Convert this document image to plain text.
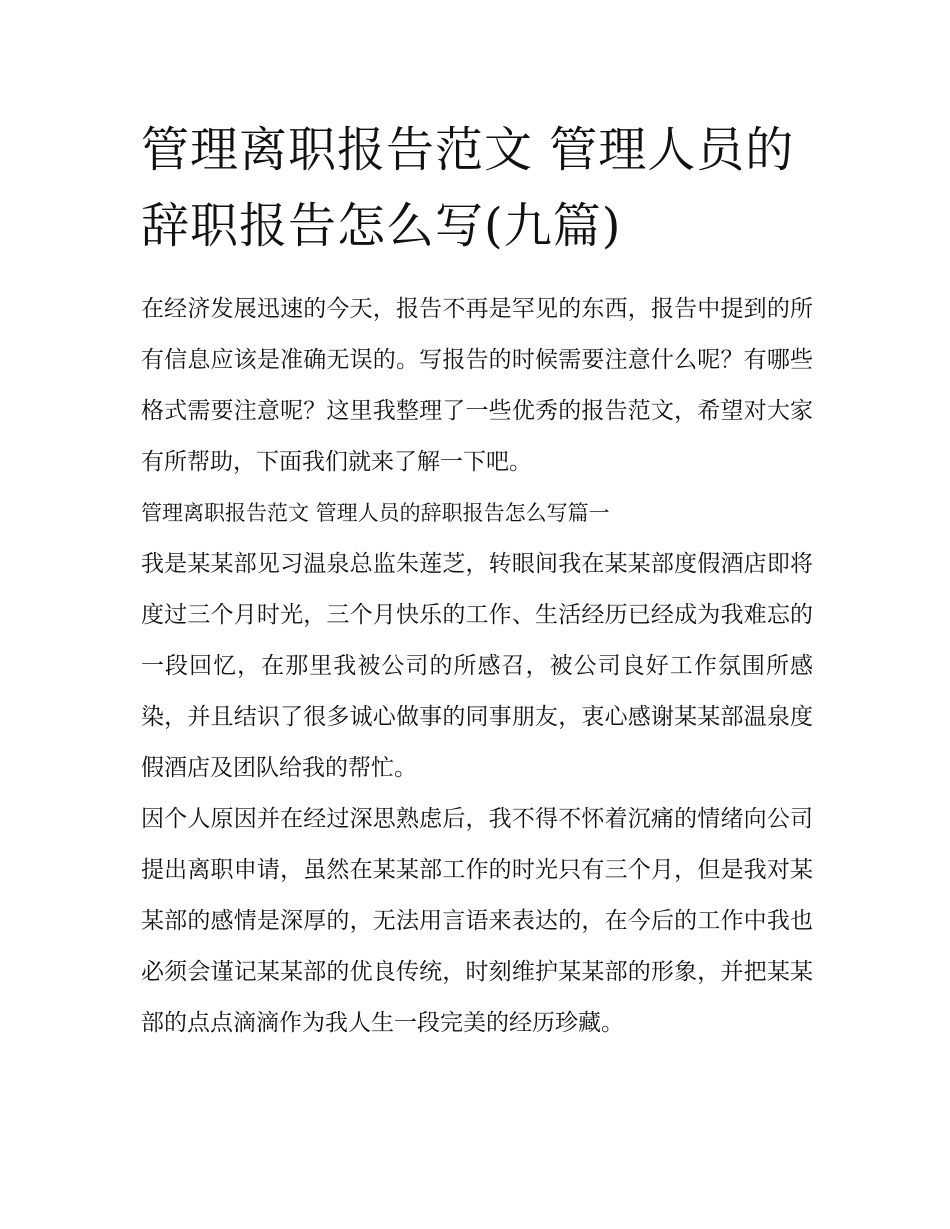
管理离职报告范文 管理人员的辞职报告怎么写(九篇)

在经济发展迅速的今天，报告不再是罕见的东西，报告中提到的所有信息应该是准确无误的。写报告的时候需要注意什么呢？有哪些格式需要注意呢？这里我整理了一些优秀的报告范文，希望对大家有所帮助，下面我们就来了解一下吧。

管理离职报告范文 管理人员的辞职报告怎么写篇一

我是某某部见习温泉总监朱莲芝，转眼间我在某某部度假酒店即将度过三个月时光，三个月快乐的工作、生活经历已经成为我难忘的一段回忆，在那里我被公司的所感召，被公司良好工作氛围所感染，并且结识了很多诚心做事的同事朋友，衷心感谢某某部温泉度假酒店及团队给我的帮忙。

因个人原因并在经过深思熟虑后，我不得不怀着沉痛的情绪向公司提出离职申请，虽然在某某部工作的时光只有三个月，但是我对某某部的感情是深厚的，无法用言语来表达的，在今后的工作中我也必须会谨记某某部的优良传统，时刻维护某某部的形象，并把某某部的点点滴滴作为我人生一段完美的经历珍藏。
